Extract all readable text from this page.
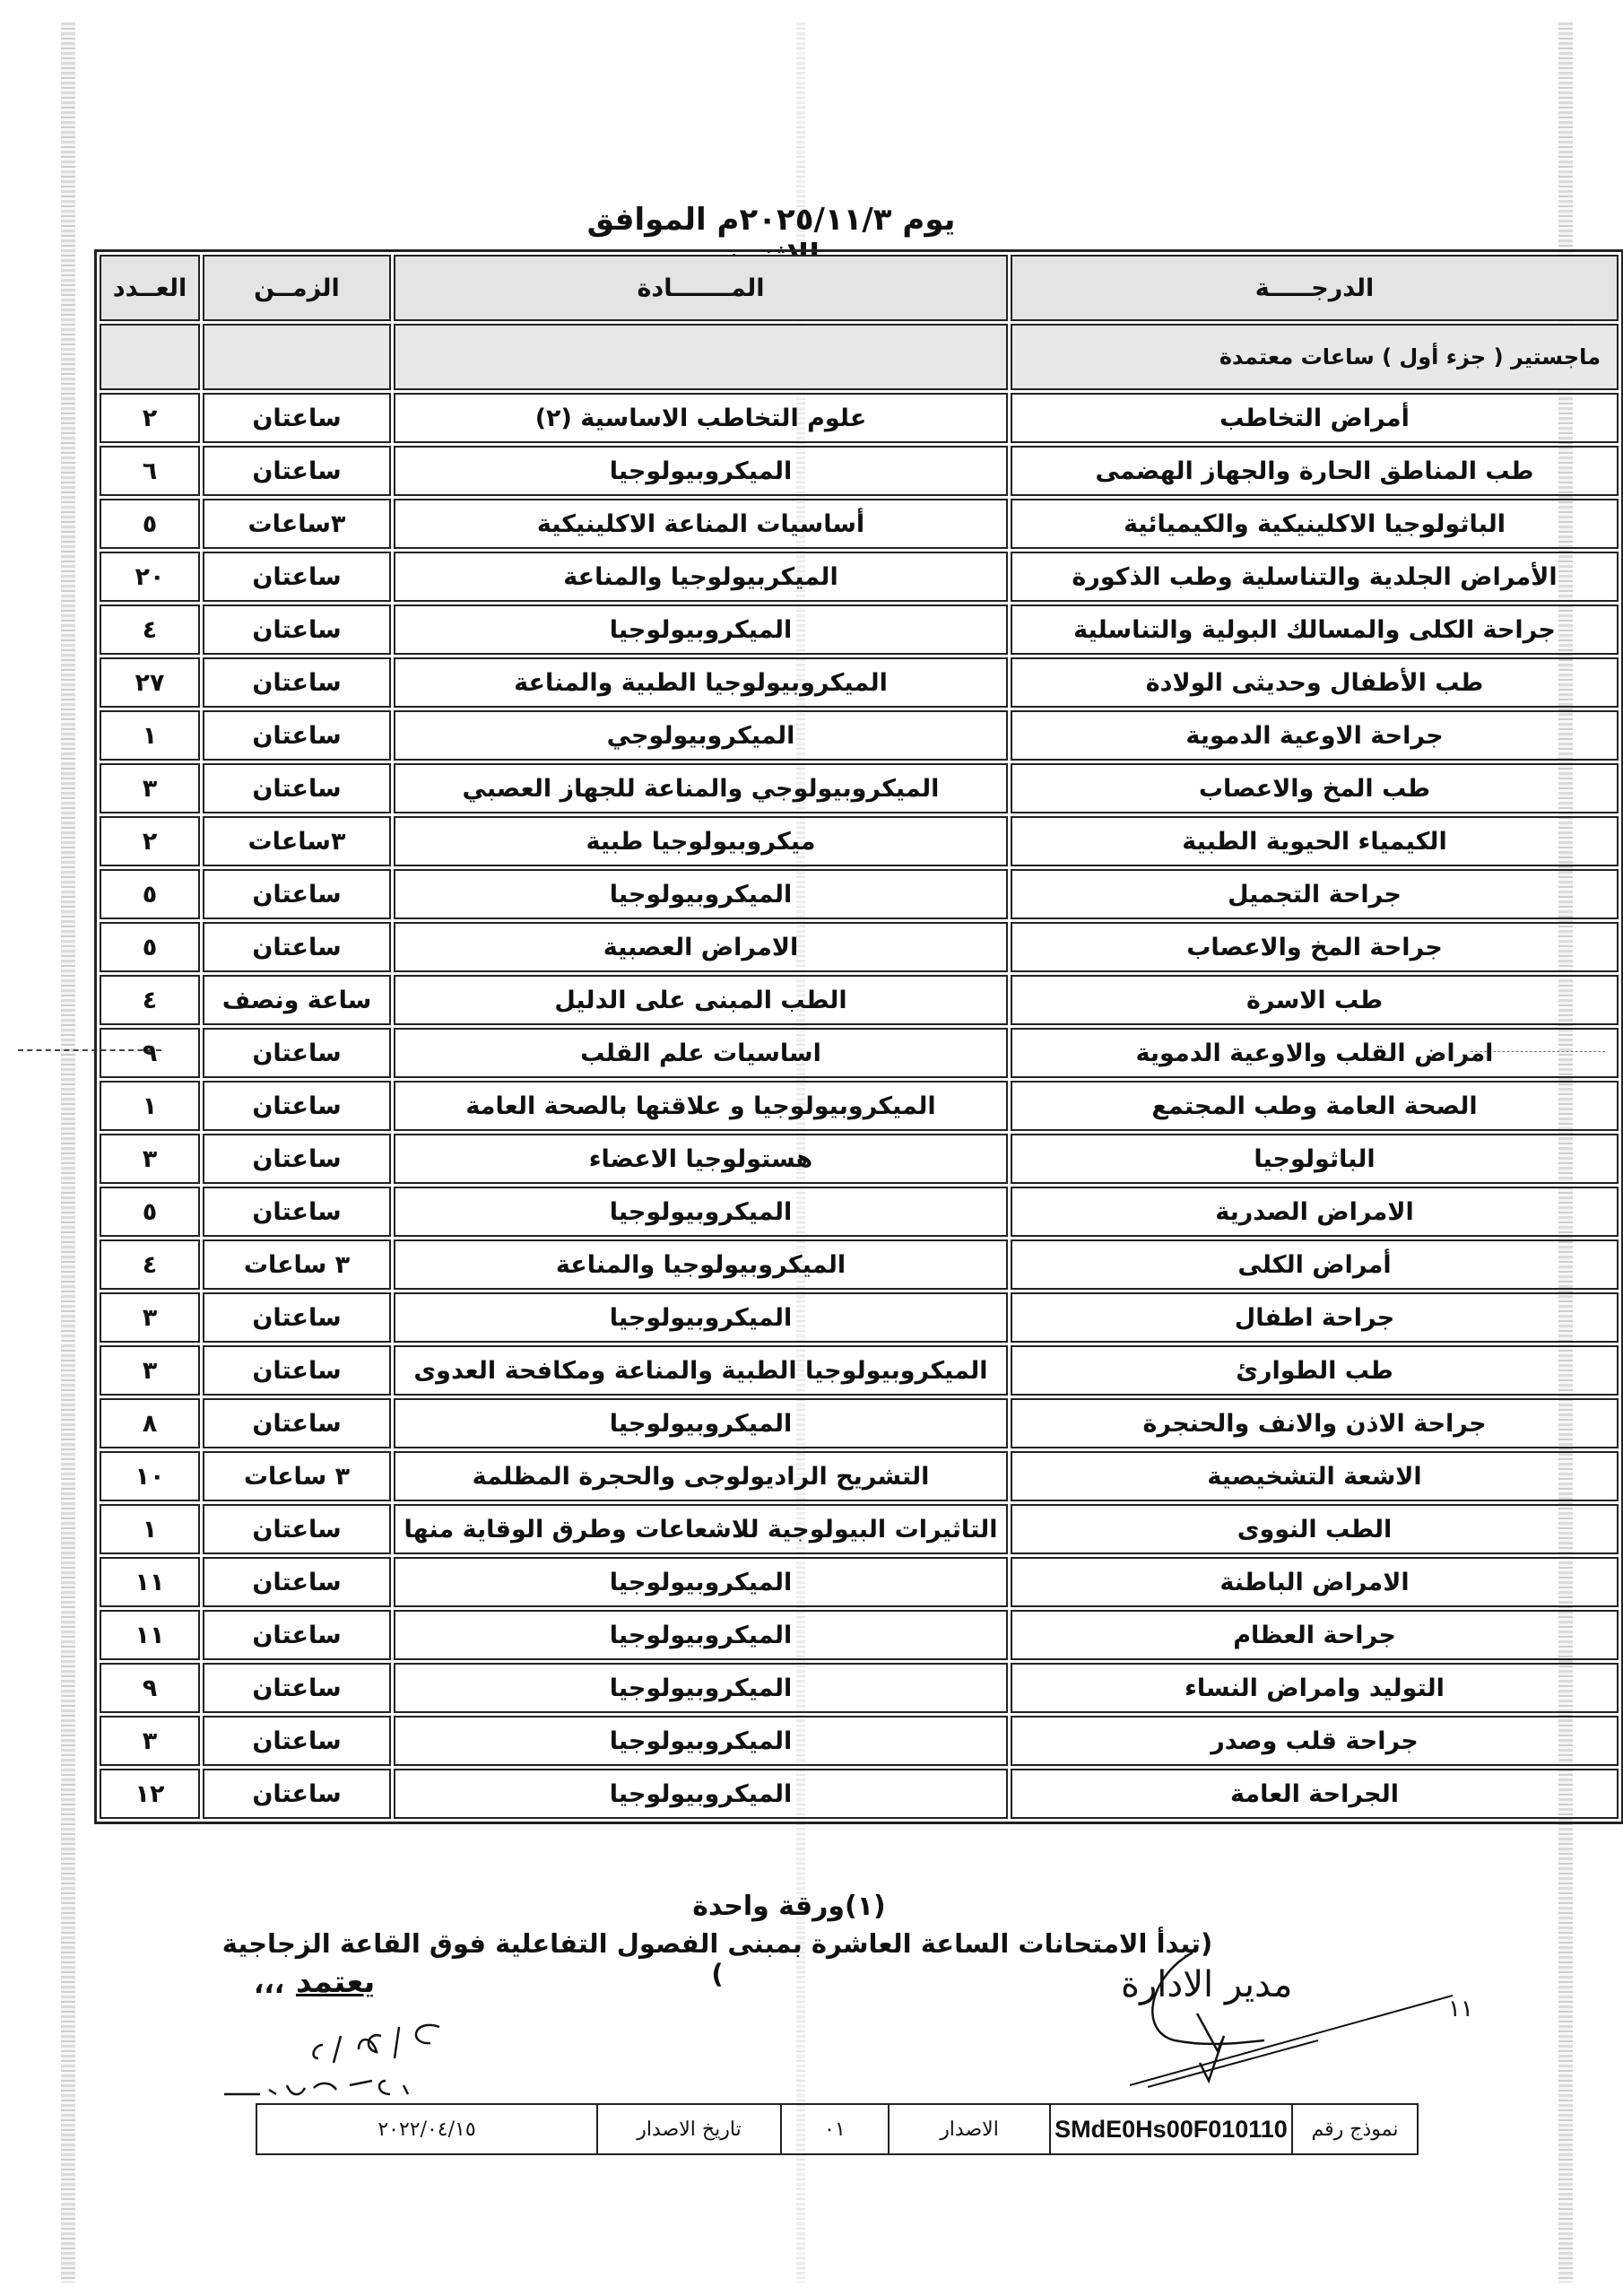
يوم ٢٠٢٥/١١/٣م الموافق
الدرجـــــة	المـــــــادة	الزمــن	العــدد
ماجستير ( جزء أول ) ساعات معتمدة			
أمراض التخاطب	علوم التخاطب الاساسية (٢)	ساعتان	٢
طب المناطق الحارة والجهاز الهضمى	الميكروبيولوجيا	ساعتان	٦
الباثولوجيا الاكلينيكية والكيميائية	أساسيات المناعة الاكلينيكية	٣ساعات	٥
الأمراض الجلدية والتناسلية وطب الذكورة	الميكربيولوجيا والمناعة	ساعتان	٢٠
جراحة الكلى والمسالك البولية والتناسلية	الميكروبيولوجيا	ساعتان	٤
طب الأطفال وحديثى الولادة	الميكروبيولوجيا الطبية والمناعة	ساعتان	٢٧
جراحة الاوعية الدموية	الميكروبيولوجي	ساعتان	١
طب المخ والاعصاب	الميكروبيولوجي والمناعة للجهاز العصبي	ساعتان	٣
الكيمياء الحيوية الطبية	ميكروبيولوجيا طبية	٣ساعات	٢
جراحة التجميل	الميكروبيولوجيا	ساعتان	٥
جراحة المخ والاعصاب	الامراض العصبية	ساعتان	٥
طب الاسرة	الطب المبنى على الدليل	ساعة ونصف	٤
امراض القلب والاوعية الدموية	اساسيات علم القلب	ساعتان	٩
الصحة العامة وطب المجتمع	الميكروبيولوجيا و علاقتها بالصحة العامة	ساعتان	١
الباثولوجيا	هستولوجيا الاعضاء	ساعتان	٣
الامراض الصدرية	الميكروبيولوجيا	ساعتان	٥
أمراض الكلى	الميكروبيولوجيا والمناعة	٣ ساعات	٤
جراحة اطفال	الميكروبيولوجيا	ساعتان	٣
طب الطوارئ	الميكروبيولوجيا الطبية والمناعة ومكافحة العدوى	ساعتان	٣
جراحة الاذن والانف والحنجرة	الميكروبيولوجيا	ساعتان	٨
الاشعة التشخيصية	التشريح الراديولوجى والحجرة المظلمة	٣ ساعات	١٠
الطب النووى	التاثيرات البيولوجية للاشعاعات وطرق الوقاية منها	ساعتان	١
الامراض الباطنة	الميكروبيولوجيا	ساعتان	١١
جراحة العظام	الميكروبيولوجيا	ساعتان	١١
التوليد وامراض النساء	الميكروبيولوجيا	ساعتان	٩
جراحة قلب وصدر	الميكروبيولوجيا	ساعتان	٣
الجراحة العامة	الميكروبيولوجيا	ساعتان	١٢
(١)ورقة واحدة
(تبدأ الامتحانات الساعة العاشرة بمبنى الفصول التفاعلية فوق القاعة الزجاجية )
يعتمد
،،،	مدير الادارة
١١
نموذج رقم	SMdE0Hs00F010110	الاصدار	٠١	تاريخ الاصدار	٢٠٢٢/٠٤/١٥
